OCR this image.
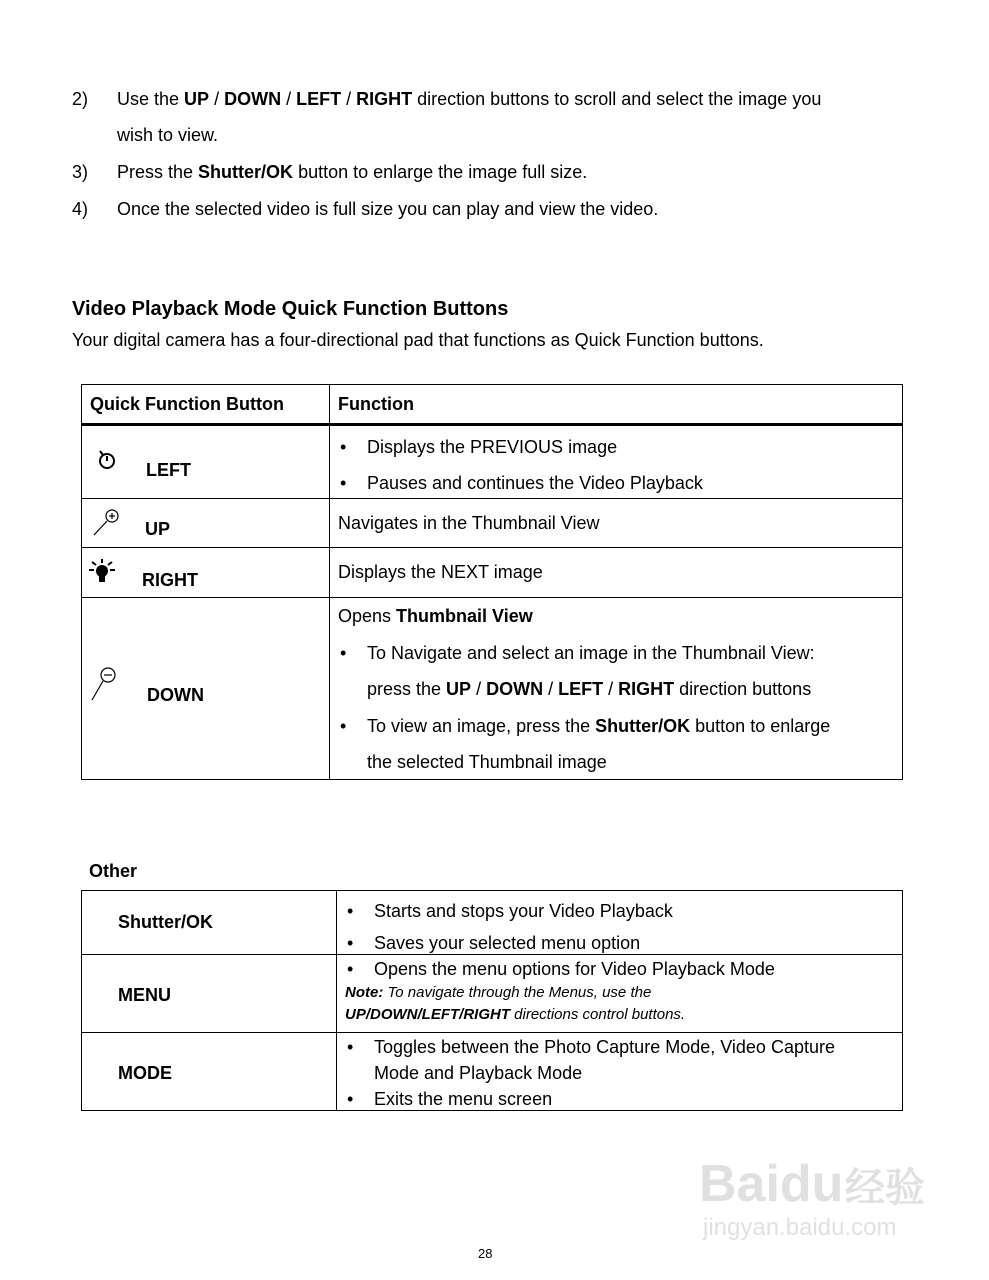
2) Use the UP / DOWN / LEFT / RIGHT direction buttons to scroll and select the image you
wish to view.
3) Press the Shutter/OK button to enlarge the image full size.
4) Once the selected video is full size you can play and view the video.
Video Playback Mode Quick Function Buttons
Your digital camera has a four-directional pad that functions as Quick Function buttons.
Quick Function Button	Function

LEFT	• Displays the PREVIOUS image
• Pauses and continues the Video Playback

UP	Navigates in the Thumbnail View

RIGHT	Displays the NEXT image

DOWN	Opens Thumbnail View
• To Navigate and select an image in the Thumbnail View:
press the UP / DOWN / LEFT / RIGHT direction buttons
• To view an image, press the Shutter/OK button to enlarge
the selected Thumbnail image
Other
Shutter/OK	• Starts and stops your Video Playback
• Saves your selected menu option

MENU	• Opens the menu options for Video Playback Mode
Note: To navigate through the Menus, use the
UP/DOWN/LEFT/RIGHT directions control buttons.

MODE	• Toggles between the Photo Capture Mode, Video Capture
Mode and Playback Mode
• Exits the menu screen
Baidu 经验
jingyan.baidu.com
28
